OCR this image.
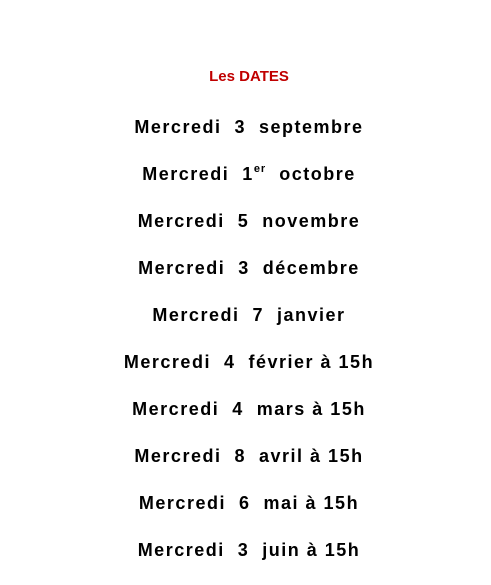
Les DATES
Mercredi 3 septembre
Mercredi 1er octobre
Mercredi 5 novembre
Mercredi 3 décembre
Mercredi 7 janvier
Mercredi 4 février à 15h
Mercredi 4 mars à 15h
Mercredi 8 avril à 15h
Mercredi 6 mai à 15h
Mercredi 3 juin à 15h
